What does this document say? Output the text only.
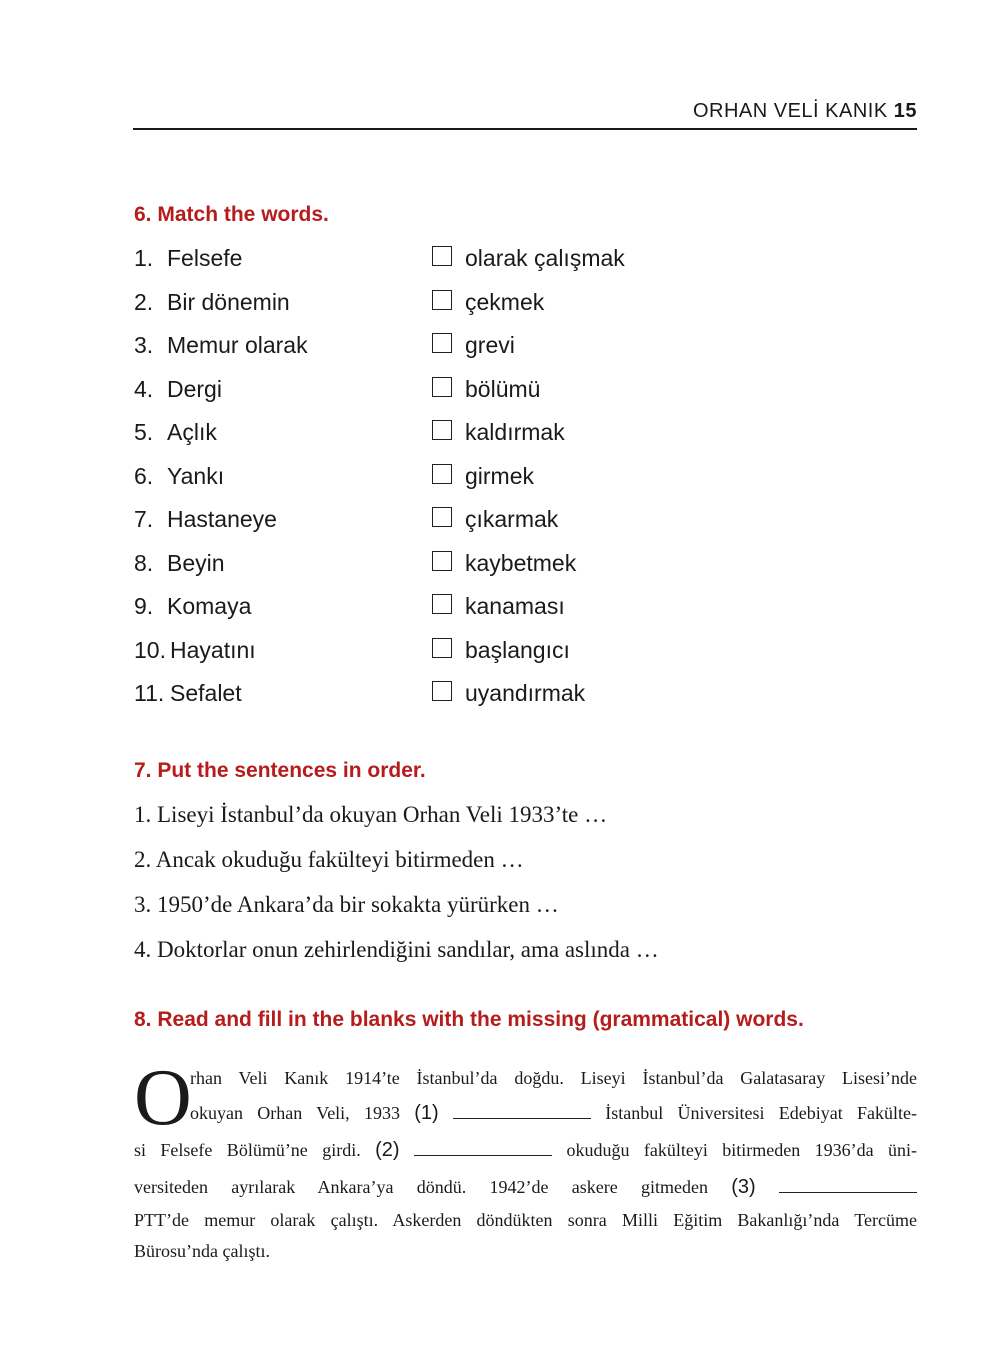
ORHAN VELİ KANIK 15
6. Match the words.
1. Felsefe	olarak çalışmak
2. Bir dönemin	çekmek
3. Memur olarak	grevi
4. Dergi	bölümü
5. Açlık	kaldırmak
6. Yankı	girmek
7. Hastaneye	çıkarmak
8. Beyin	kaybetmek
9. Komaya	kanaması
10. Hayatını	başlangıcı
11. Sefalet	uyandırmak
7. Put the sentences in order.
1. Liseyi İstanbul’da okuyan Orhan Veli 1933’te …
2. Ancak okuduğu fakülteyi bitirmeden …
3. 1950’de Ankara’da bir sokakta yürürken …
4. Doktorlar onun zehirlendiğini sandılar, ama aslında …
8. Read and fill in the blanks with the missing (grammatical) words.
O
rhan Veli Kanık 1914’te İstanbul’da doğdu. Liseyi İstanbul’da Galatasaray Lisesi’nde
okuyan Orhan Veli, 1933 (1)	İstanbul Üniversitesi Edebiyat Fakülte-
si Felsefe Bölümü’ne girdi. (2)	okuduğu fakülteyi bitirmeden 1936’da üni-
versiteden ayrılarak Ankara’ya döndü. 1942’de askere gitmeden (3)
PTT’de memur olarak çalıştı. Askerden döndükten sonra Milli Eğitim Bakanlığı’nda Tercüme
Bürosu’nda çalıştı.
